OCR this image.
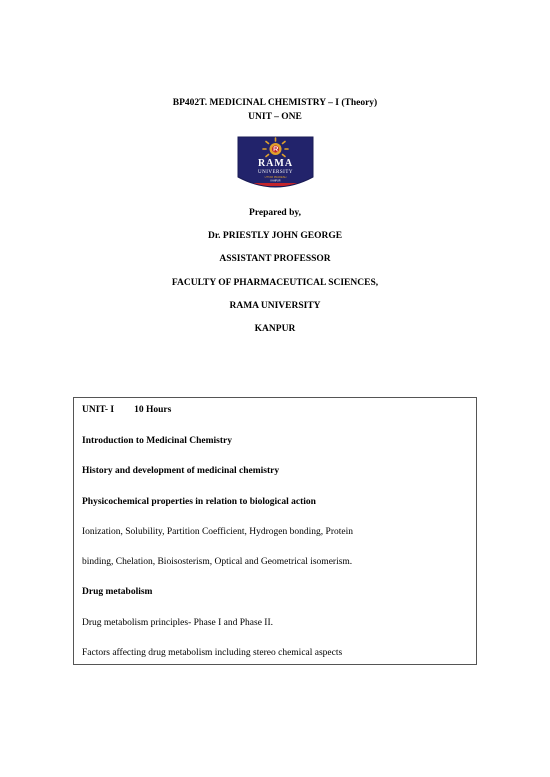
BP402T. MEDICINAL CHEMISTRY – I (Theory)
UNIT – ONE
RAMA
UNIVERSITY
UTTAR PRADESH
KANPUR
Prepared by,
Dr. PRIESTLY JOHN GEORGE
ASSISTANT PROFESSOR
FACULTY OF PHARMACEUTICAL SCIENCES,
RAMA UNIVERSITY
KANPUR
UNIT- I 10 Hours
Introduction to Medicinal Chemistry
History and development of medicinal chemistry
Physicochemical properties in relation to biological action
Ionization, Solubility, Partition Coefficient, Hydrogen bonding, Protein
binding, Chelation, Bioisosterism, Optical and Geometrical isomerism.
Drug metabolism
Drug metabolism principles- Phase I and Phase II.
Factors affecting drug metabolism including stereo chemical aspects
